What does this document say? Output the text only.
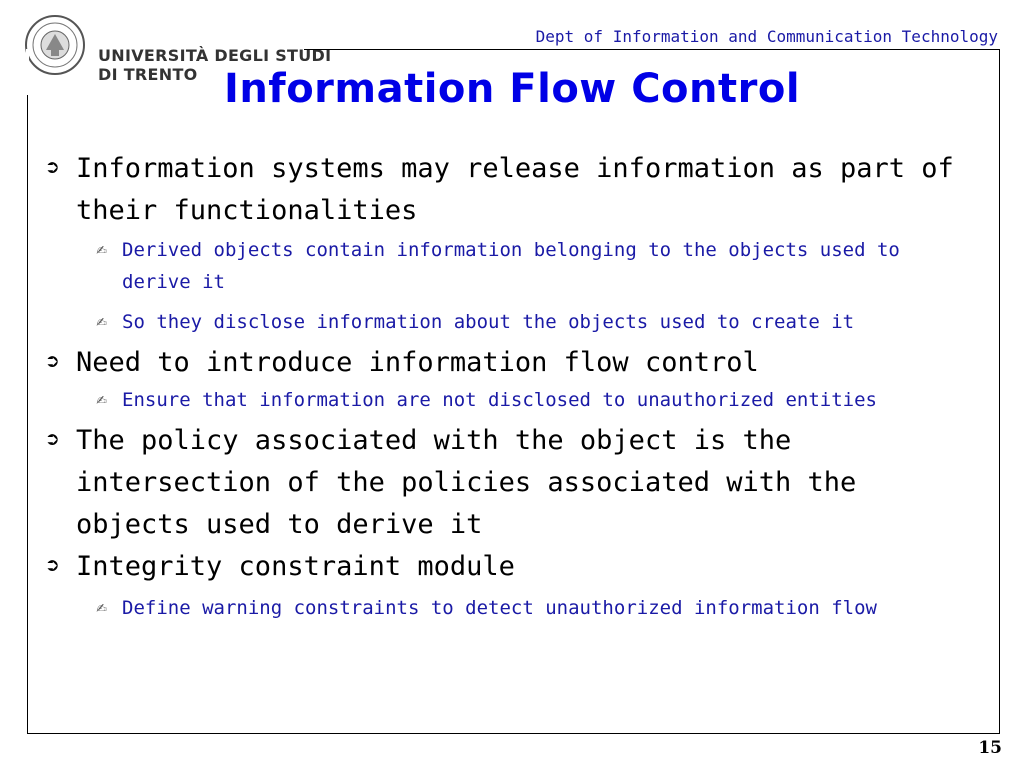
UNIVERSITÀ DEGLI STUDI
DI TRENTO
Dept of Information and Communication Technology
Information Flow Control

➲ Information systems may release information as part of their functionalities

✍ Derived objects contain information belonging to the objects used to derive it

✍ So they disclose information about the objects used to create it

➲ Need to introduce information flow control

✍ Ensure that information are not disclosed to unauthorized entities

➲ The policy associated with the object is the intersection of the policies associated with the objects used to derive it

➲ Integrity constraint module

✍ Define warning constraints to detect unauthorized information flow

15
